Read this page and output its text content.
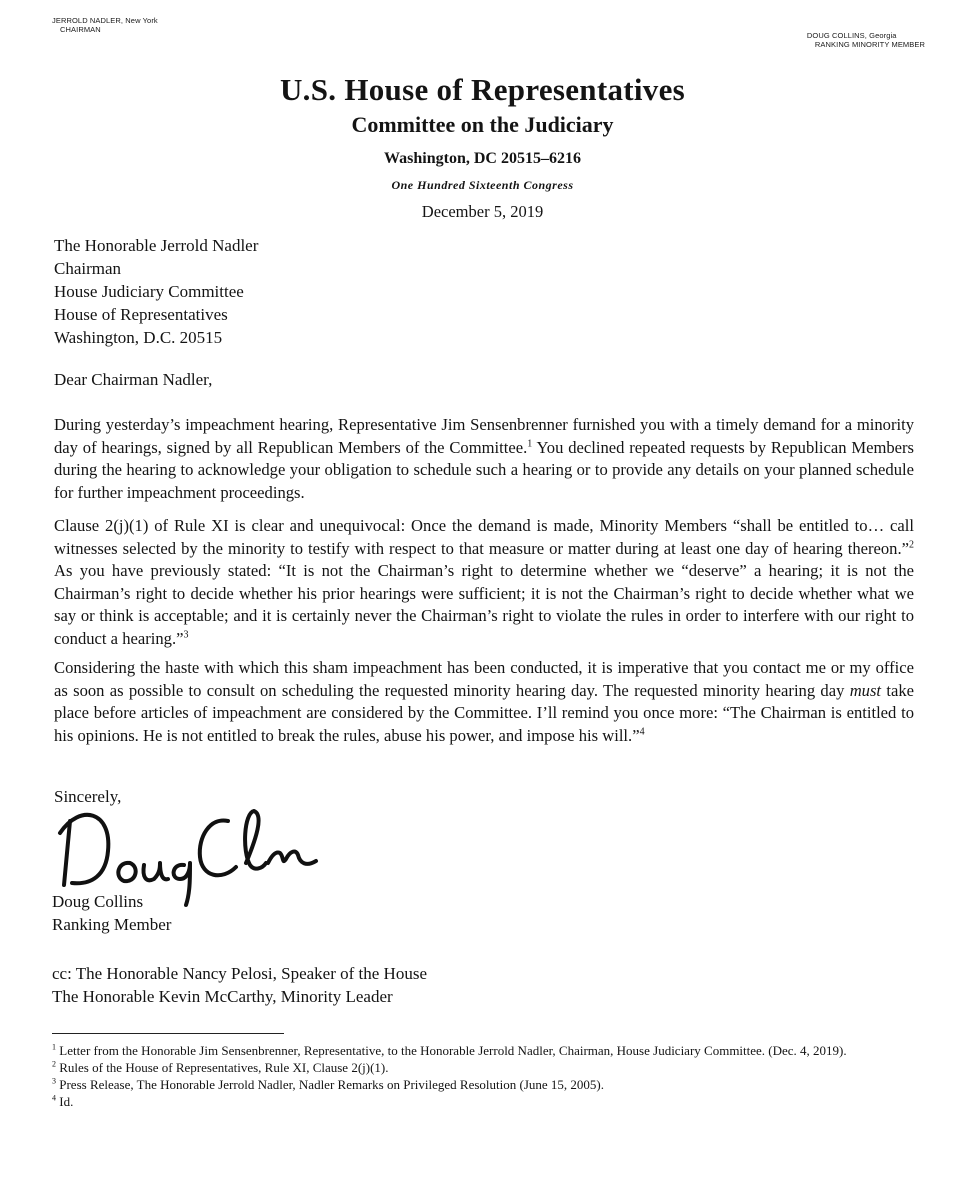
JERROLD NADLER, New York
CHAIRMAN
DOUG COLLINS, Georgia
RANKING MINORITY MEMBER
U.S. House of Representatives
Committee on the Judiciary
Washington, DC 20515–6216
One Hundred Sixteenth Congress
December 5, 2019
The Honorable Jerrold Nadler
Chairman
House Judiciary Committee
House of Representatives
Washington, D.C. 20515
Dear Chairman Nadler,
During yesterday’s impeachment hearing, Representative Jim Sensenbrenner furnished you with a timely demand for a minority day of hearings, signed by all Republican Members of the Committee.$^1$ You declined repeated requests by Republican Members during the hearing to acknowledge your obligation to schedule such a hearing or to provide any details on your planned schedule for further impeachment proceedings.
Clause 2(j)(1) of Rule XI is clear and unequivocal: Once the demand is made, Minority Members “shall be entitled to… call witnesses selected by the minority to testify with respect to that measure or matter during at least one day of hearing thereon.”$^2$ As you have previously stated: “It is not the Chairman’s right to determine whether we “deserve” a hearing; it is not the Chairman’s right to decide whether his prior hearings were sufficient; it is not the Chairman’s right to decide whether what we say or think is acceptable; and it is certainly never the Chairman’s right to violate the rules in order to interfere with our right to conduct a hearing.”$^3$
Considering the haste with which this sham impeachment has been conducted, it is imperative that you contact me or my office as soon as possible to consult on scheduling the requested minority hearing day. The requested minority hearing day must take place before articles of impeachment are considered by the Committee. I’ll remind you once more: “The Chairman is entitled to his opinions. He is not entitled to break the rules, abuse his power, and impose his will.”$^4$
Sincerely,
Doug Collins
Ranking Member
cc: The Honorable Nancy Pelosi, Speaker of the House
The Honorable Kevin McCarthy, Minority Leader
$^1$ Letter from the Honorable Jim Sensenbrenner, Representative, to the Honorable Jerrold Nadler, Chairman, House Judiciary Committee. (Dec. 4, 2019).
$^2$ Rules of the House of Representatives, Rule XI, Clause 2(j)(1).
$^3$ Press Release, The Honorable Jerrold Nadler, Nadler Remarks on Privileged Resolution (June 15, 2005).
$^4$ Id.
